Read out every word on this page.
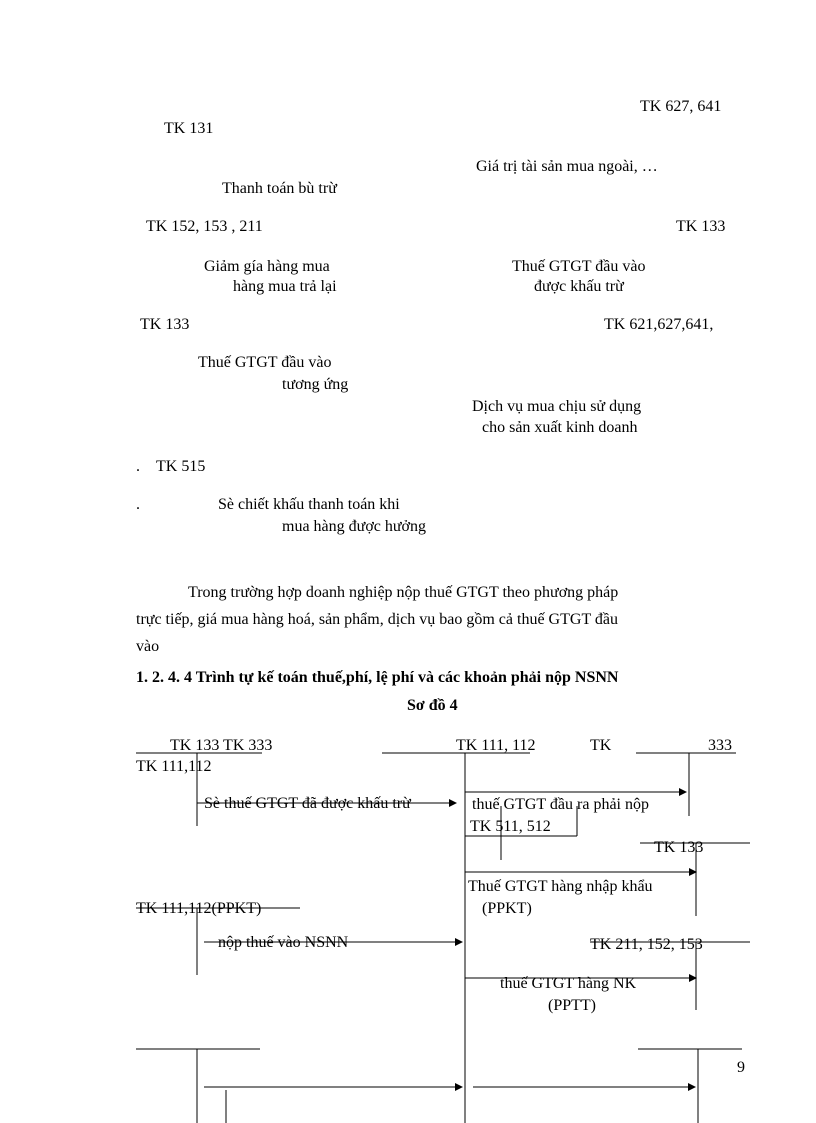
TK 627, 641
TK 131
Giá trị tài sản mua ngoài, …
Thanh toán bù trừ
TK 152, 153 , 211	TK 133
Giảm gía hàng mua
hàng mua trả lại
Thuế GTGT đầu vào
được khấu trừ
TK 133	TK 621,627,641,
Thuế GTGT đầu vào
tương ứng
Dịch vụ mua chịu sử dụng
cho sản xuất kinh doanh
. TK 515
.	Sè chiết khấu thanh toán khi
mua hàng được hưởng
Trong trường hợp doanh nghiệp nộp thuế GTGT theo phương pháp
trực tiếp, giá mua hàng hoá, sản phẩm, dịch vụ bao gồm cả thuế GTGT đầu
vào
1. 2. 4. 4 Trình tự kế toán thuế,phí, lệ phí và các khoản phải nộp NSNN
Sơ đồ 4
TK 133 TK 333	TK 111, 112	TK	333
TK 111,112
Sè thuế GTGT đã được khấu trừ	thuế GTGT đầu ra phải nộp
TK 511, 512
TK 133
Thuế GTGT hàng nhập khẩu
(PPKT)
TK 111,112(PPKT)
nộp thuế vào NSNN	TK 211, 152, 153
thuế GTGT hàng NK
(PPTT)
9
